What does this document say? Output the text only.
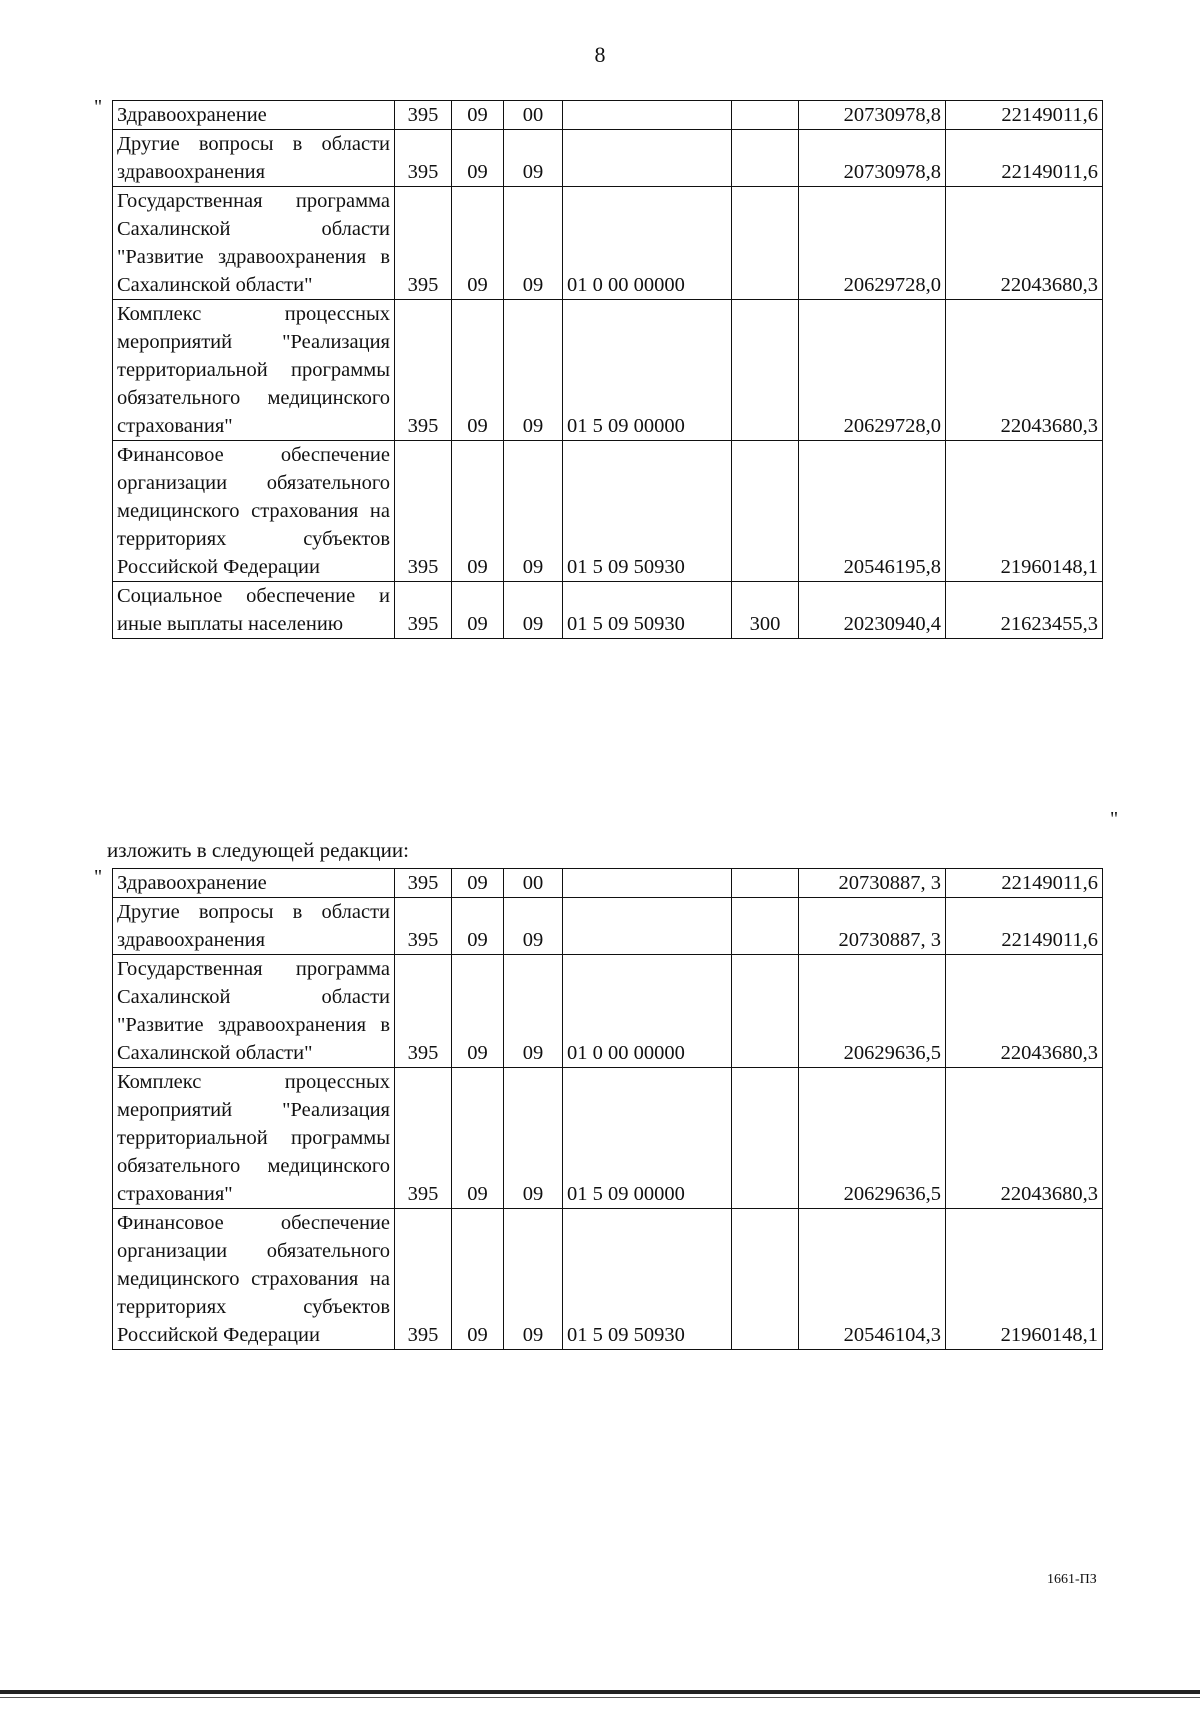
8
" Здравоохранение	395	09	00			20730978,8	22149011,6
Другие вопросы в области здравоохранения	395	09	09			20730978,8	22149011,6
Государственная программа Сахалинской области "Развитие здравоохранения в Сахалинской области"	395	09	09	01 0 00 00000		20629728,0	22043680,3
Комплекс процессных мероприятий "Реализация территориальной программы обязательного медицинского страхования"	395	09	09	01 5 09 00000		20629728,0	22043680,3
Финансовое обеспечение организации обязательного медицинского страхования на территориях субъектов Российской Федерации	395	09	09	01 5 09 50930		20546195,8	21960148,1
Социальное обеспечение и иные выплаты населению	395	09	09	01 5 09 50930	300	20230940,4	21623455,3
"
изложить в следующей редакции:
" Здравоохранение	395	09	00			20730887, 3	22149011,6
Другие вопросы в области здравоохранения	395	09	09			20730887, 3	22149011,6
Государственная программа Сахалинской области "Развитие здравоохранения в Сахалинской области"	395	09	09	01 0 00 00000		20629636,5	22043680,3
Комплекс процессных мероприятий "Реализация территориальной программы обязательного медицинского страхования"	395	09	09	01 5 09 00000		20629636,5	22043680,3
Финансовое обеспечение организации обязательного медицинского страхования на территориях субъектов Российской Федерации	395	09	09	01 5 09 50930		20546104,3	21960148,1
1661-ПЗ
